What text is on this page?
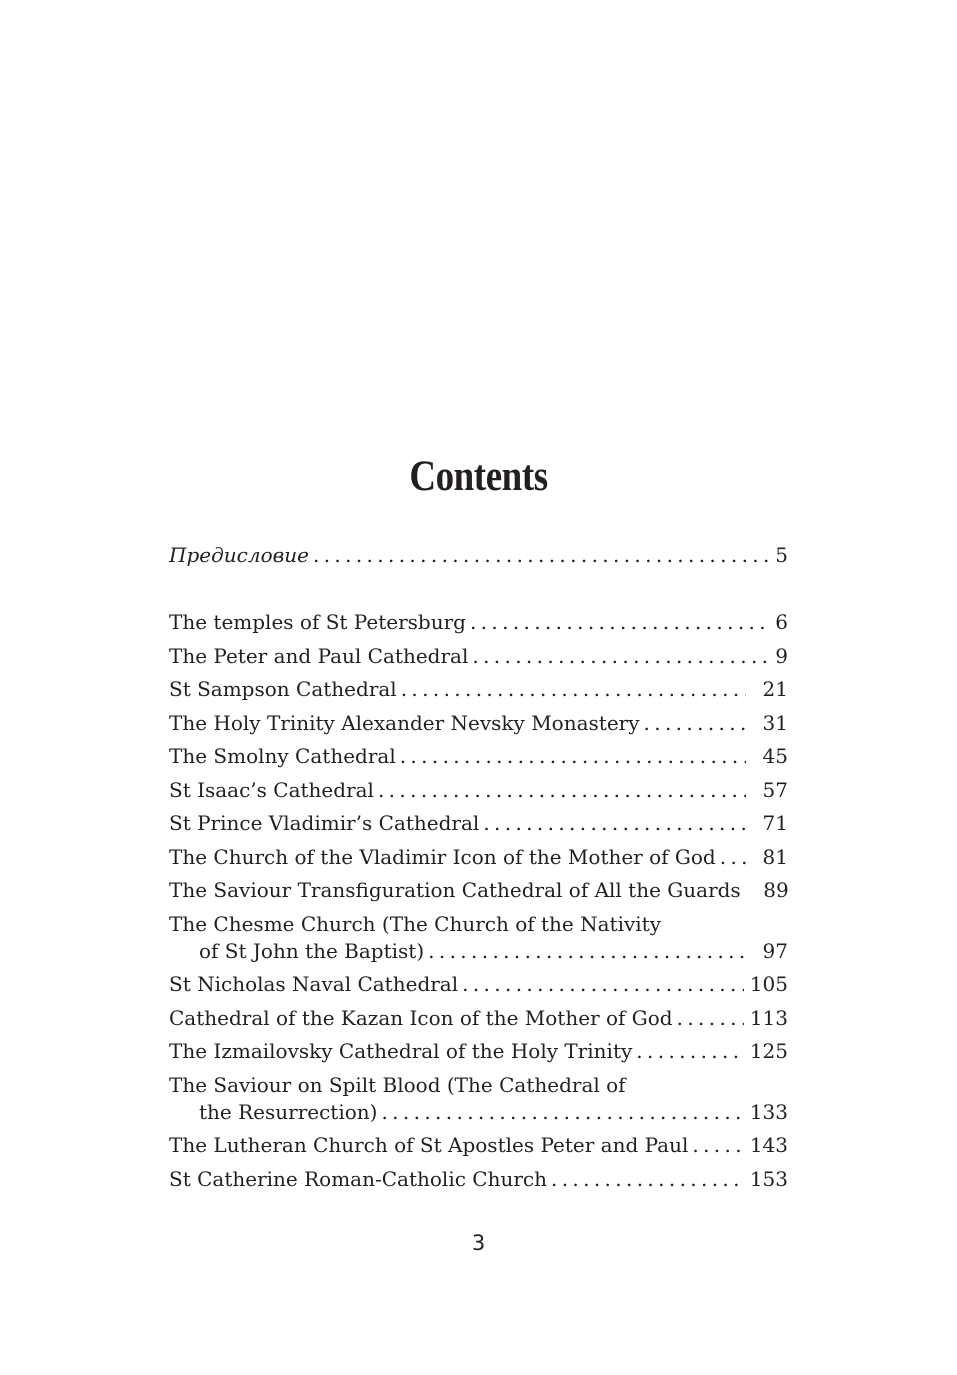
Contents
Предисловие . . .	5
The temples of St Petersburg . . .	6
The Peter and Paul Cathedral . . .	9
St Sampson Cathedral . . .	21
The Holy Trinity Alexander Nevsky Monastery . . .	31
The Smolny Cathedral . . .	45
St Isaac’s Cathedral . . .	57
St Prince Vladimir’s Cathedral . . .	71
The Church of the Vladimir Icon of the Mother of God . . .	81
The Saviour Transfiguration Cathedral of All the Guards	89
The Chesme Church (The Church of the Nativity
of St John the Baptist) . . .	97
St Nicholas Naval Cathedral . . .	105
Cathedral of the Kazan Icon of the Mother of God . . .	113
The Izmailovsky Cathedral of the Holy Trinity . . .	125
The Saviour on Spilt Blood (The Cathedral of
the Resurrection) . . .	133
The Lutheran Church of St Apostles Peter and Paul . . .	143
St Catherine Roman-Catholic Church . . .	153

3
